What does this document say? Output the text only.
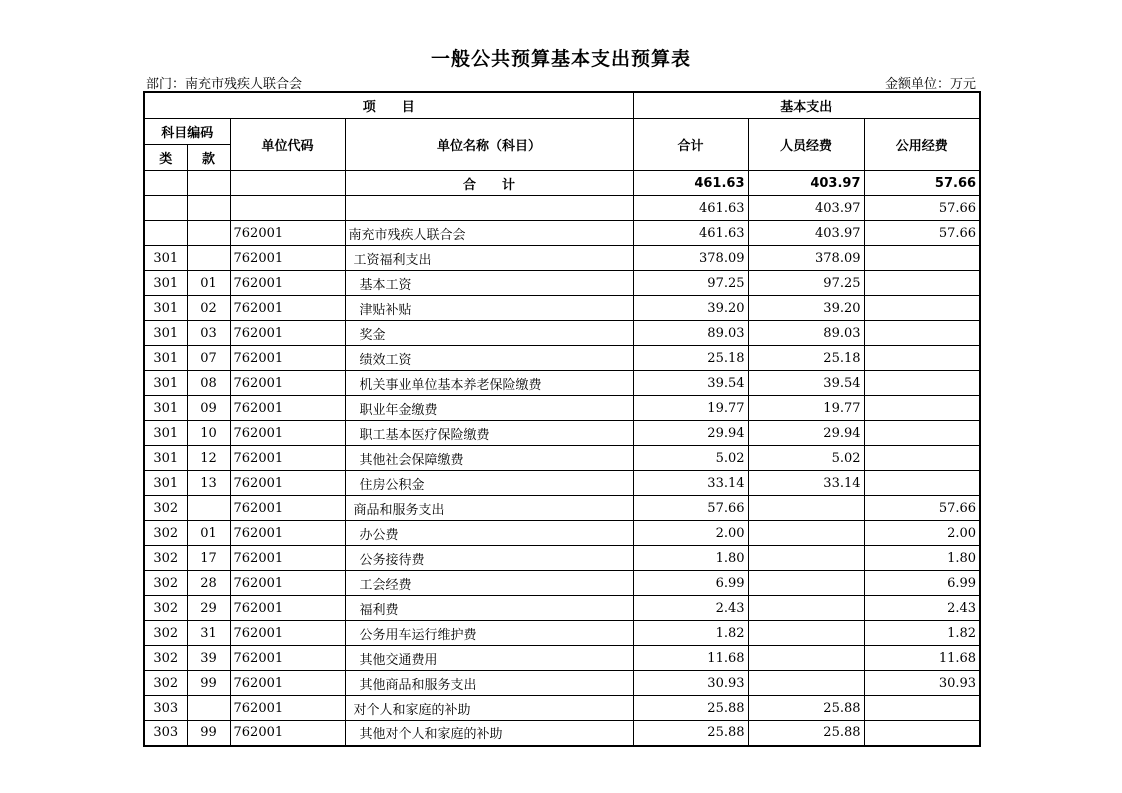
一般公共预算基本支出预算表
部门：南充市残疾人联合会	金额单位：万元
项　　目				基本支出		
科目编码		单位代码	单位名称（科目）	合计	人员经费	公用经费
类	款					
			合　　计	461.63	403.97	57.66
				461.63	403.97	57.66
		762001	南充市残疾人联合会	461.63	403.97	57.66
301		762001	工资福利支出	378.09	378.09	
301	01	762001	基本工资	97.25	97.25	
301	02	762001	津贴补贴	39.20	39.20	
301	03	762001	奖金	89.03	89.03	
301	07	762001	绩效工资	25.18	25.18	
301	08	762001	机关事业单位基本养老保险缴费	39.54	39.54	
301	09	762001	职业年金缴费	19.77	19.77	
301	10	762001	职工基本医疗保险缴费	29.94	29.94	
301	12	762001	其他社会保障缴费	5.02	5.02	
301	13	762001	住房公积金	33.14	33.14	
302		762001	商品和服务支出	57.66		57.66
302	01	762001	办公费	2.00		2.00
302	17	762001	公务接待费	1.80		1.80
302	28	762001	工会经费	6.99		6.99
302	29	762001	福利费	2.43		2.43
302	31	762001	公务用车运行维护费	1.82		1.82
302	39	762001	其他交通费用	11.68		11.68
302	99	762001	其他商品和服务支出	30.93		30.93
303		762001	对个人和家庭的补助	25.88	25.88	
303	99	762001	其他对个人和家庭的补助	25.88	25.88	
